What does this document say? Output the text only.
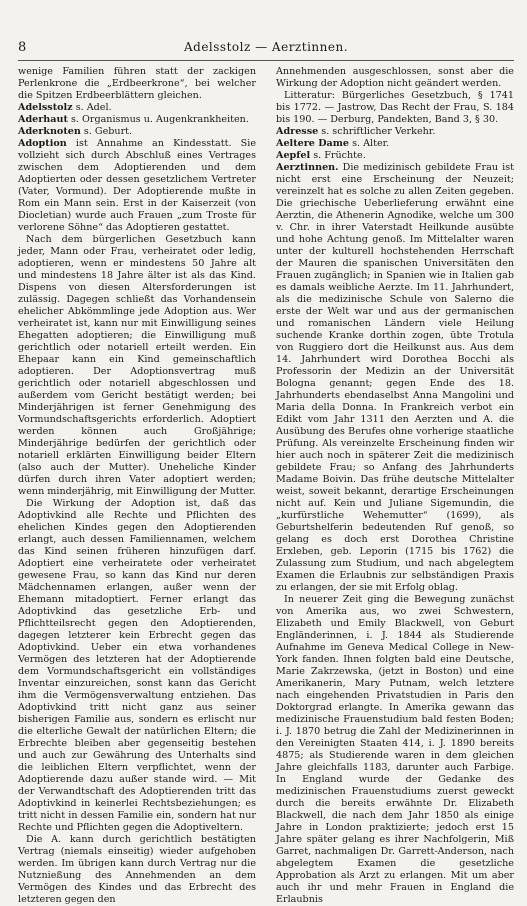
8	Adelsstolz — Aerztinnen.

wenige Familien führen statt der zackigen Perlenkrone die „Erdbeerkrone“, bei welcher die Spitzen Erdbeerblättern gleichen.

Adelsstolz s. Adel.

Aderhaut s. Organismus u. Augenkrankheiten.

Aderknoten s. Geburt.

Adoption ist Annahme an Kindesstatt. Sie vollzieht sich durch Abschluß eines Vertrages zwischen dem Adoptierenden und dem Adoptierten oder dessen gesetzlichem Vertreter (Vater, Vormund). Der Adoptierende mußte in Rom ein Mann sein. Erst in der Kaiserzeit (von Diocletian) wurde auch Frauen „zum Troste für verlorene Söhne“ das Adoptieren gestattet.

Nach dem bürgerlichen Gesetzbuch kann jeder, Mann oder Frau, verheiratet oder ledig, adoptieren, wenn er mindestens 50 Jahre alt und mindestens 18 Jahre älter ist als das Kind. Dispens von diesen Altersforderungen ist zulässig. Dagegen schließt das Vorhandensein ehelicher Abkömmlinge jede Adoption aus. Wer verheiratet ist, kann nur mit Einwilligung seines Ehegatten adoptieren; die Einwilligung muß gerichtlich oder notariell erteilt werden. Ein Ehepaar kann ein Kind gemeinschaftlich adoptieren. Der Adoptionsvertrag muß gerichtlich oder notariell abgeschlossen und außerdem vom Gericht bestätigt werden; bei Minderjährigen ist ferner Genehmigung des Vormundschaftsgerichts erforderlich. Adoptiert werden können auch Großjährige; Minderjährige bedürfen der gerichtlich oder notariell erklärten Einwilligung beider Eltern (also auch der Mutter). Uneheliche Kinder dürfen durch ihren Vater adoptiert werden; wenn minderjährig, mit Einwilligung der Mutter.

Die Wirkung der Adoption ist, daß das Adoptivkind alle Rechte und Pflichten des ehelichen Kindes gegen den Adoptierenden erlangt, auch dessen Familiennamen, welchem das Kind seinen früheren hinzufügen darf. Adoptiert eine verheiratete oder verheiratet gewesene Frau, so kann das Kind nur deren Mädchennamen erlangen, außer wenn der Ehemann mitadoptiert. Ferner erlangt das Adoptivkind das gesetzliche Erb- und Pflichtteilsrecht gegen den Adoptierenden, dagegen letzterer kein Erbrecht gegen das Adoptivkind. Ueber ein etwa vorhandenes Vermögen des letzteren hat der Adoptierende dem Vormundschaftsgericht ein vollständiges Inventar einzureichen, sonst kann das Gericht ihm die Vermögensverwaltung entziehen. Das Adoptivkind tritt nicht ganz aus seiner bisherigen Familie aus, sondern es erlischt nur die elterliche Gewalt der natürlichen Eltern; die Erbrechte bleiben aber gegenseitig bestehen und auch zur Gewährung des Unterhalts sind die leiblichen Eltern verpflichtet, wenn der Adoptierende dazu außer stande wird. — Mit der Verwandtschaft des Adoptierenden tritt das Adoptivkind in keinerlei Rechtsbeziehungen; es tritt nicht in dessen Familie ein, sondern hat nur Rechte und Pflichten gegen die Adoptiveltern.

Die A. kann durch gerichtlich bestätigten Vertrag (niemals einseitig) wieder aufgehoben werden. Im übrigen kann durch Vertrag nur die Nutznießung des Annehmenden an dem Vermögen des Kindes und das Erbrecht des letzteren gegen den

Annehmenden ausgeschlossen, sonst aber die Wirkung der Adoption nicht geändert werden.

Litteratur: Bürgerliches Gesetzbuch, § 1741 bis 1772. — Jastrow, Das Recht der Frau, S. 184 bis 190. — Derburg, Pandekten, Band 3, § 30.

Adresse s. schriftlicher Verkehr.

Aeltere Dame s. Alter.

Aepfel s. Früchte.

Aerztinnen. Die medizinisch gebildete Frau ist nicht erst eine Erscheinung der Neuzeit; vereinzelt hat es solche zu allen Zeiten gegeben. Die griechische Ueberlieferung erwähnt eine Aerztin, die Athenerin Agnodike, welche um 300 v. Chr. in ihrer Vaterstadt Heilkunde ausübte und hohe Achtung genoß. Im Mittelalter waren unter der kulturell hochstehenden Herrschaft der Mauren die spanischen Universitäten den Frauen zugänglich; in Spanien wie in Italien gab es damals weibliche Aerzte. Im 11. Jahrhundert, als die medizinische Schule von Salerno die erste der Welt war und aus der germanischen und romanischen Ländern viele Heilung suchende Kranke dorthin zogen, übte Trotula von Ruggiero dort die Heilkunst aus. Aus dem 14. Jahrhundert wird Dorothea Bocchi als Professorin der Medizin an der Universität Bologna genannt; gegen Ende des 18. Jahrhunderts ebendaselbst Anna Mangolini und Maria della Donna. In Frankreich verbot ein Edikt vom Jahr 1311 den Aerzten und A. die Ausübung des Berufes ohne vorherige staatliche Prüfung. Als vereinzelte Erscheinung finden wir hier auch noch in späterer Zeit die medizinisch gebildete Frau; so Anfang des Jahrhunderts Madame Boivin. Das frühe deutsche Mittelalter weist, soweit bekannt, derartige Erscheinungen nicht auf. Kein und Juliane Sigemundin, die „kurfürstliche Wehemutter“ (1699), als Geburtshelferin bedeutenden Ruf genoß, so gelang es doch erst Dorothea Christine Erxleben, geb. Leporin (1715 bis 1762) die Zulassung zum Studium, und nach abgelegtem Examen die Erlaubnis zur selbständigen Praxis zu erlangen, der sie mit Erfolg oblag.

In neuerer Zeit ging die Bewegung zunächst von Amerika aus, wo zwei Schwestern, Elizabeth und Emily Blackwell, von Geburt Engländerinnen, i. J. 1844 als Studierende Aufnahme im Geneva Medical College in New-York fanden. Ihnen folgten bald eine Deutsche, Marie Zakrzewska, (jetzt in Boston) und eine Amerikanerin, Mary Putnam, welch letztere nach eingehenden Privatstudien in Paris den Doktorgrad erlangte. In Amerika gewann das medizinische Frauenstudium bald festen Boden; i. J. 1870 betrug die Zahl der Medizinerinnen in den Vereinigten Staaten 414, i. J. 1890 bereits 4875; als Studierende waren in dem gleichen Jahre gleichfalls 1183, darunter auch Farbige. In England wurde der Gedanke des medizinischen Frauenstudiums zuerst geweckt durch die bereits erwähnte Dr. Elizabeth Blackwell, die nach dem Jahr 1850 als einige Jahre in London praktizierte; jedoch erst 15 Jahre später gelang es ihrer Nachfolgerin, Miß Garret, nachmaligen Dr. Garrett-Anderson, nach abgelegtem Examen die gesetzliche Approbation als Arzt zu erlangen. Mit um aber auch ihr und mehr Frauen in England die Erlaubnis
